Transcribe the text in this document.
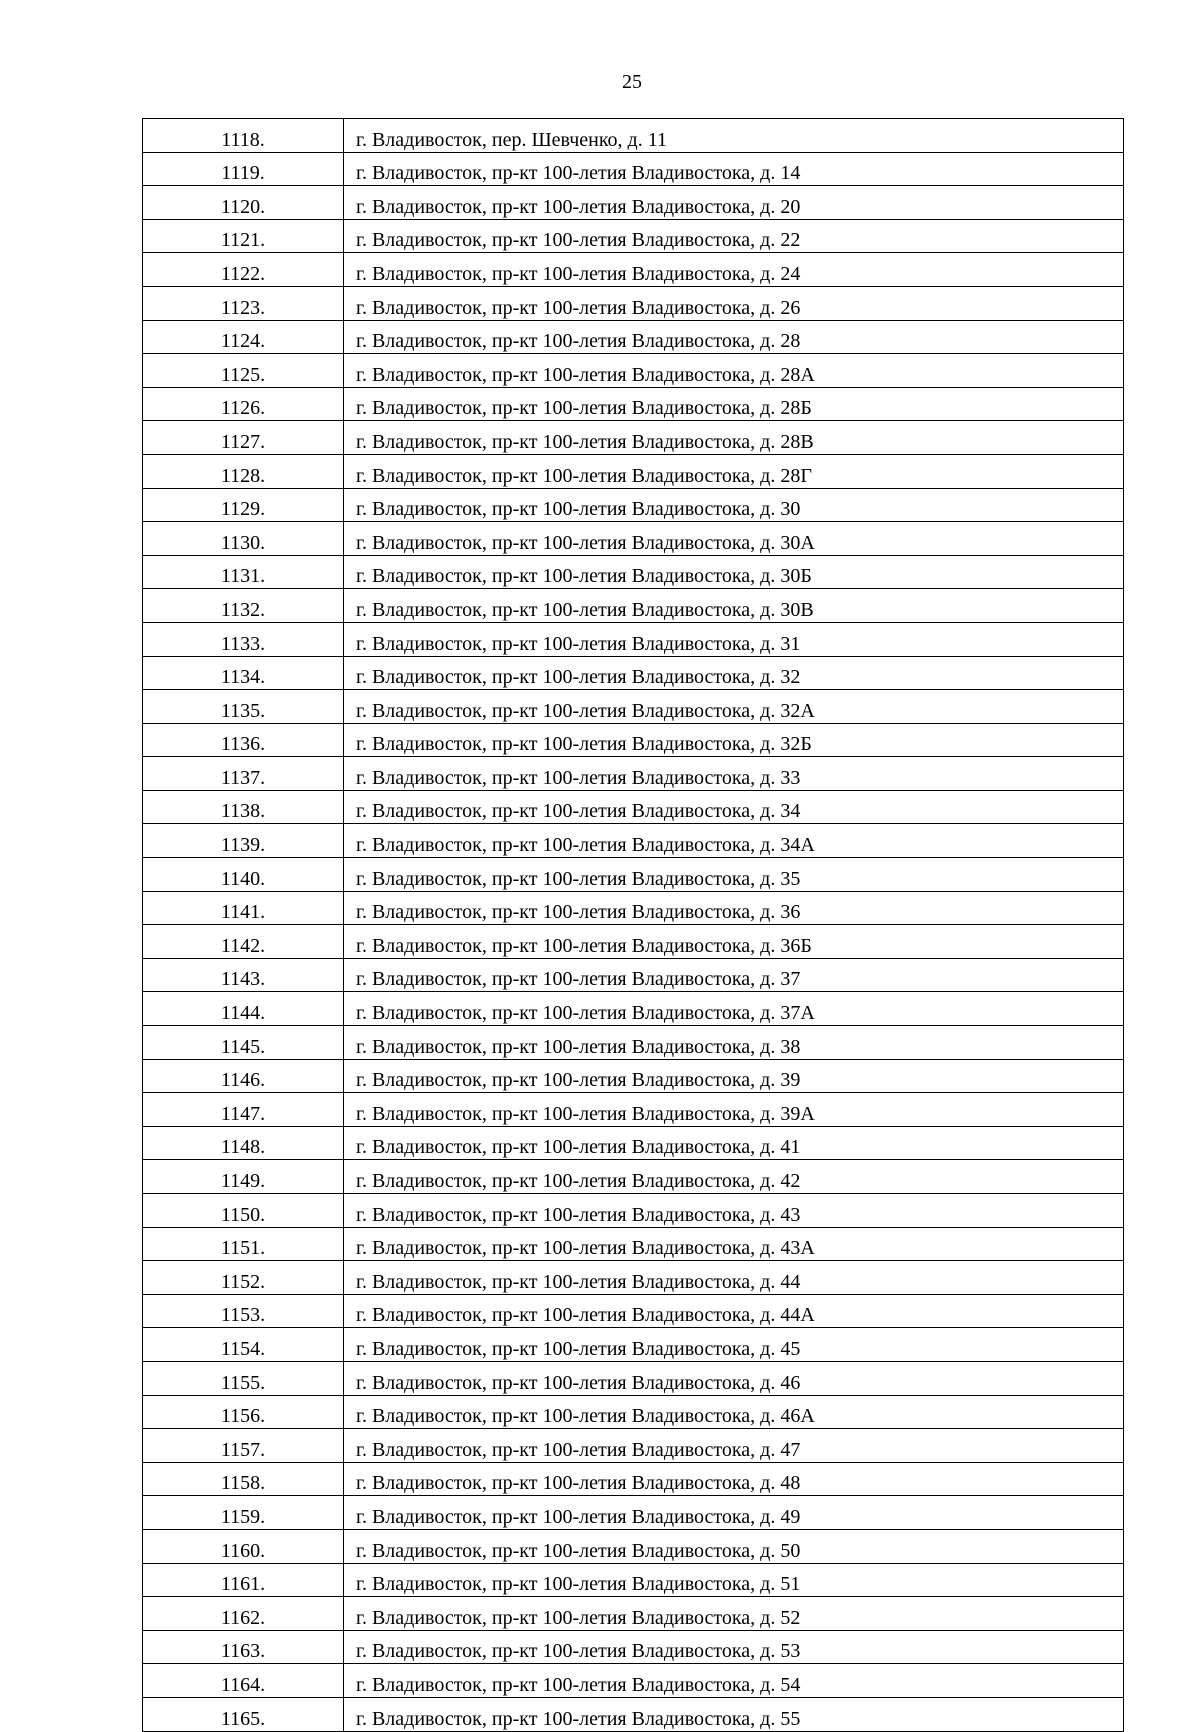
25
1118.	г. Владивосток, пер. Шевченко, д. 11
1119.	г. Владивосток, пр-кт 100-летия Владивостока, д. 14
1120.	г. Владивосток, пр-кт 100-летия Владивостока, д. 20
1121.	г. Владивосток, пр-кт 100-летия Владивостока, д. 22
1122.	г. Владивосток, пр-кт 100-летия Владивостока, д. 24
1123.	г. Владивосток, пр-кт 100-летия Владивостока, д. 26
1124.	г. Владивосток, пр-кт 100-летия Владивостока, д. 28
1125.	г. Владивосток, пр-кт 100-летия Владивостока, д. 28А
1126.	г. Владивосток, пр-кт 100-летия Владивостока, д. 28Б
1127.	г. Владивосток, пр-кт 100-летия Владивостока, д. 28В
1128.	г. Владивосток, пр-кт 100-летия Владивостока, д. 28Г
1129.	г. Владивосток, пр-кт 100-летия Владивостока, д. 30
1130.	г. Владивосток, пр-кт 100-летия Владивостока, д. 30А
1131.	г. Владивосток, пр-кт 100-летия Владивостока, д. 30Б
1132.	г. Владивосток, пр-кт 100-летия Владивостока, д. 30В
1133.	г. Владивосток, пр-кт 100-летия Владивостока, д. 31
1134.	г. Владивосток, пр-кт 100-летия Владивостока, д. 32
1135.	г. Владивосток, пр-кт 100-летия Владивостока, д. 32А
1136.	г. Владивосток, пр-кт 100-летия Владивостока, д. 32Б
1137.	г. Владивосток, пр-кт 100-летия Владивостока, д. 33
1138.	г. Владивосток, пр-кт 100-летия Владивостока, д. 34
1139.	г. Владивосток, пр-кт 100-летия Владивостока, д. 34А
1140.	г. Владивосток, пр-кт 100-летия Владивостока, д. 35
1141.	г. Владивосток, пр-кт 100-летия Владивостока, д. 36
1142.	г. Владивосток, пр-кт 100-летия Владивостока, д. 36Б
1143.	г. Владивосток, пр-кт 100-летия Владивостока, д. 37
1144.	г. Владивосток, пр-кт 100-летия Владивостока, д. 37А
1145.	г. Владивосток, пр-кт 100-летия Владивостока, д. 38
1146.	г. Владивосток, пр-кт 100-летия Владивостока, д. 39
1147.	г. Владивосток, пр-кт 100-летия Владивостока, д. 39А
1148.	г. Владивосток, пр-кт 100-летия Владивостока, д. 41
1149.	г. Владивосток, пр-кт 100-летия Владивостока, д. 42
1150.	г. Владивосток, пр-кт 100-летия Владивостока, д. 43
1151.	г. Владивосток, пр-кт 100-летия Владивостока, д. 43А
1152.	г. Владивосток, пр-кт 100-летия Владивостока, д. 44
1153.	г. Владивосток, пр-кт 100-летия Владивостока, д. 44А
1154.	г. Владивосток, пр-кт 100-летия Владивостока, д. 45
1155.	г. Владивосток, пр-кт 100-летия Владивостока, д. 46
1156.	г. Владивосток, пр-кт 100-летия Владивостока, д. 46А
1157.	г. Владивосток, пр-кт 100-летия Владивостока, д. 47
1158.	г. Владивосток, пр-кт 100-летия Владивостока, д. 48
1159.	г. Владивосток, пр-кт 100-летия Владивостока, д. 49
1160.	г. Владивосток, пр-кт 100-летия Владивостока, д. 50
1161.	г. Владивосток, пр-кт 100-летия Владивостока, д. 51
1162.	г. Владивосток, пр-кт 100-летия Владивостока, д. 52
1163.	г. Владивосток, пр-кт 100-летия Владивостока, д. 53
1164.	г. Владивосток, пр-кт 100-летия Владивостока, д. 54
1165.	г. Владивосток, пр-кт 100-летия Владивостока, д. 55
